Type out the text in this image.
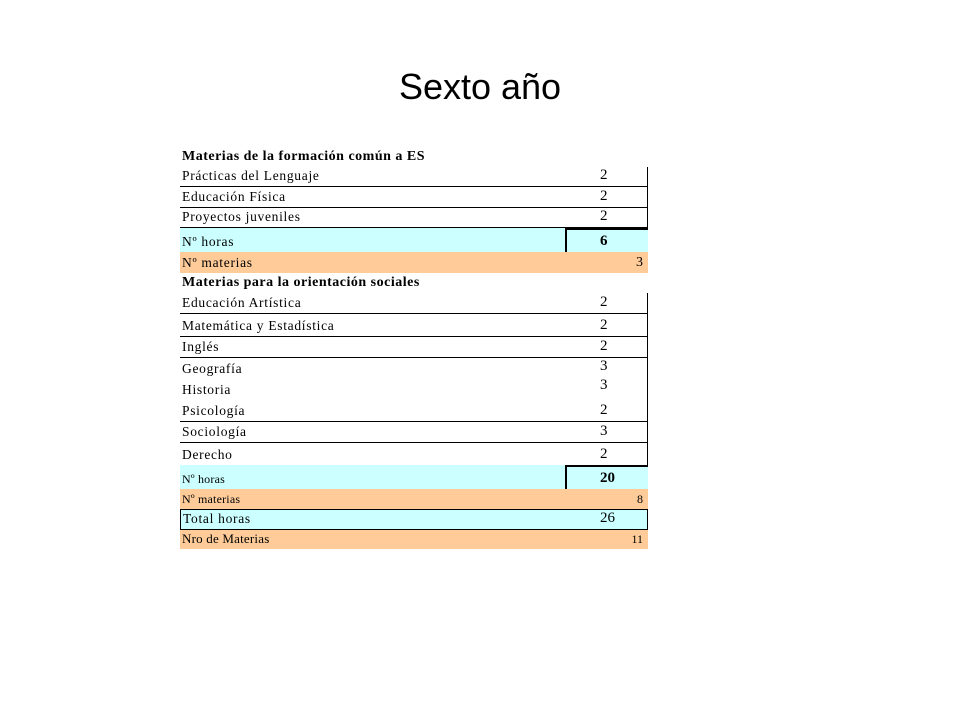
Sexto año
Materias de la formación común a ES
Prácticas del Lenguaje	2
Educación Física	2
Proyectos juveniles	2
Nº horas	6
Nº materias	3
Materias para la orientación sociales
Educación Artística	2
Matemática y Estadística	2
Inglés	2
Geografía	3
Historia	3
Psicología	2
Sociología	3
Derecho	2
Nº horas	20
Nº materias	8
Total horas	26
Nro de Materias	11
